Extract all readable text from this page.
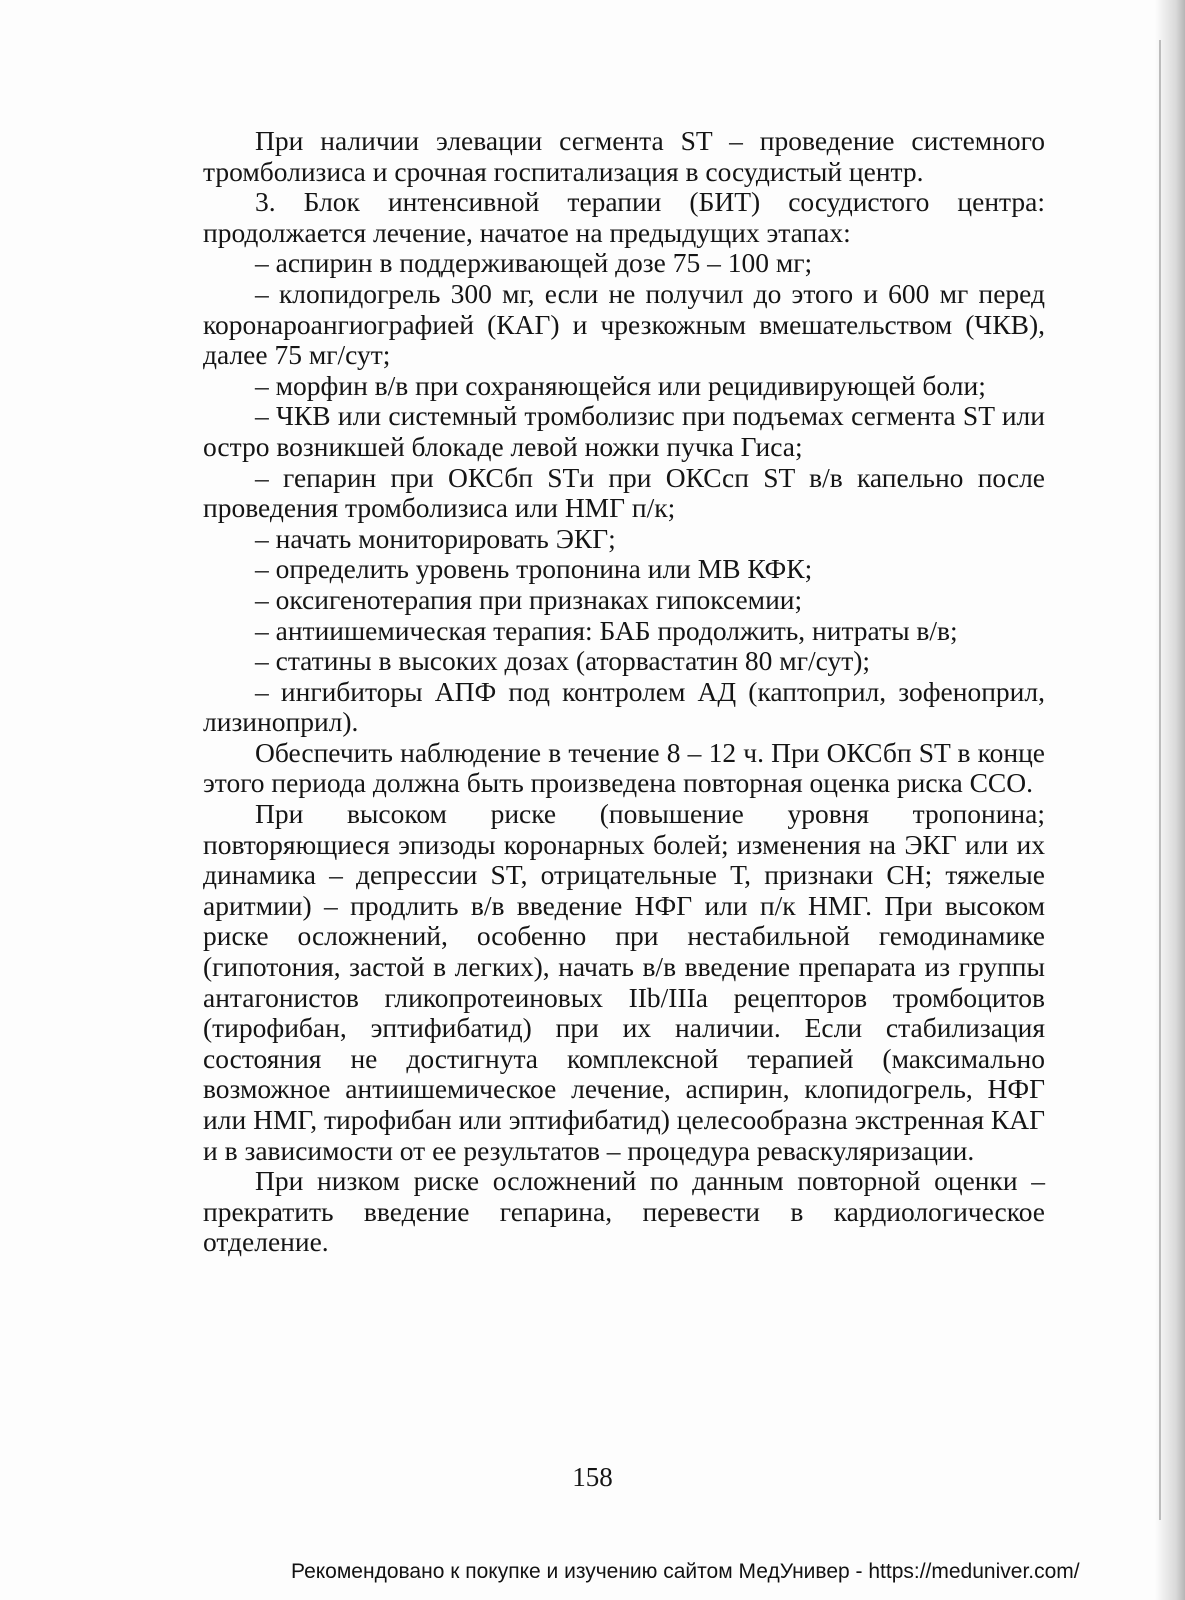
При наличии элевации сегмента ST – проведение системного тромболизиса и срочная госпитализация в сосудистый центр.

3. Блок интенсивной терапии (БИТ) сосудистого центра: продолжается лечение, начатое на предыдущих этапах:

– аспирин в поддерживающей дозе 75 – 100 мг;

– клопидогрель 300 мг, если не получил до этого и 600 мг перед коронароангиографией (КАГ) и чрезкожным вмешательством (ЧКВ), далее 75 мг/сут;

– морфин в/в при сохраняющейся или рецидивирующей боли;

– ЧКВ или системный тромболизис при подъемах сегмента ST или остро возникшей блокаде левой ножки пучка Гиса;

– гепарин при ОКСбп STи при ОКСсп ST в/в капельно после проведения тромболизиса или НМГ п/к;

– начать мониторировать ЭКГ;

– определить уровень тропонина или МВ КФК;

– оксигенотерапия при признаках гипоксемии;

– антиишемическая терапия: БАБ продолжить, нитраты в/в;

– статины в высоких дозах (аторвастатин 80 мг/сут);

– ингибиторы АПФ под контролем АД (каптоприл, зофеноприл, лизиноприл).

Обеспечить наблюдение в течение 8 – 12 ч. При ОКСбп ST в конце этого периода должна быть произведена повторная оценка риска ССО.

При высоком риске (повышение уровня тропонина; повторяющиеся эпизоды коронарных болей; изменения на ЭКГ или их динамика – депрессии ST, отрицательные Т, признаки СН; тяжелые аритмии) – продлить в/в введение НФГ или п/к НМГ. При высоком риске осложнений, особенно при нестабильной гемодинамике (гипотония, застой в легких), начать в/в введение препарата из группы антагонистов гликопротеиновых IIb/IIIa рецепторов тромбоцитов (тирофибан, эптифибатид) при их наличии. Если стабилизация состояния не достигнута комплексной терапией (максимально возможное антиишемическое лечение, аспирин, клопидогрель, НФГ или НМГ, тирофибан или эптифибатид) целесообразна экстренная КАГ и в зависимости от ее результатов – процедура реваскуляризации.

При низком риске осложнений по данным повторной оценки – прекратить введение гепарина, перевести в кардиологическое отделение.

158
Рекомендовано к покупке и изучению сайтом МедУнивер - https://meduniver.com/
